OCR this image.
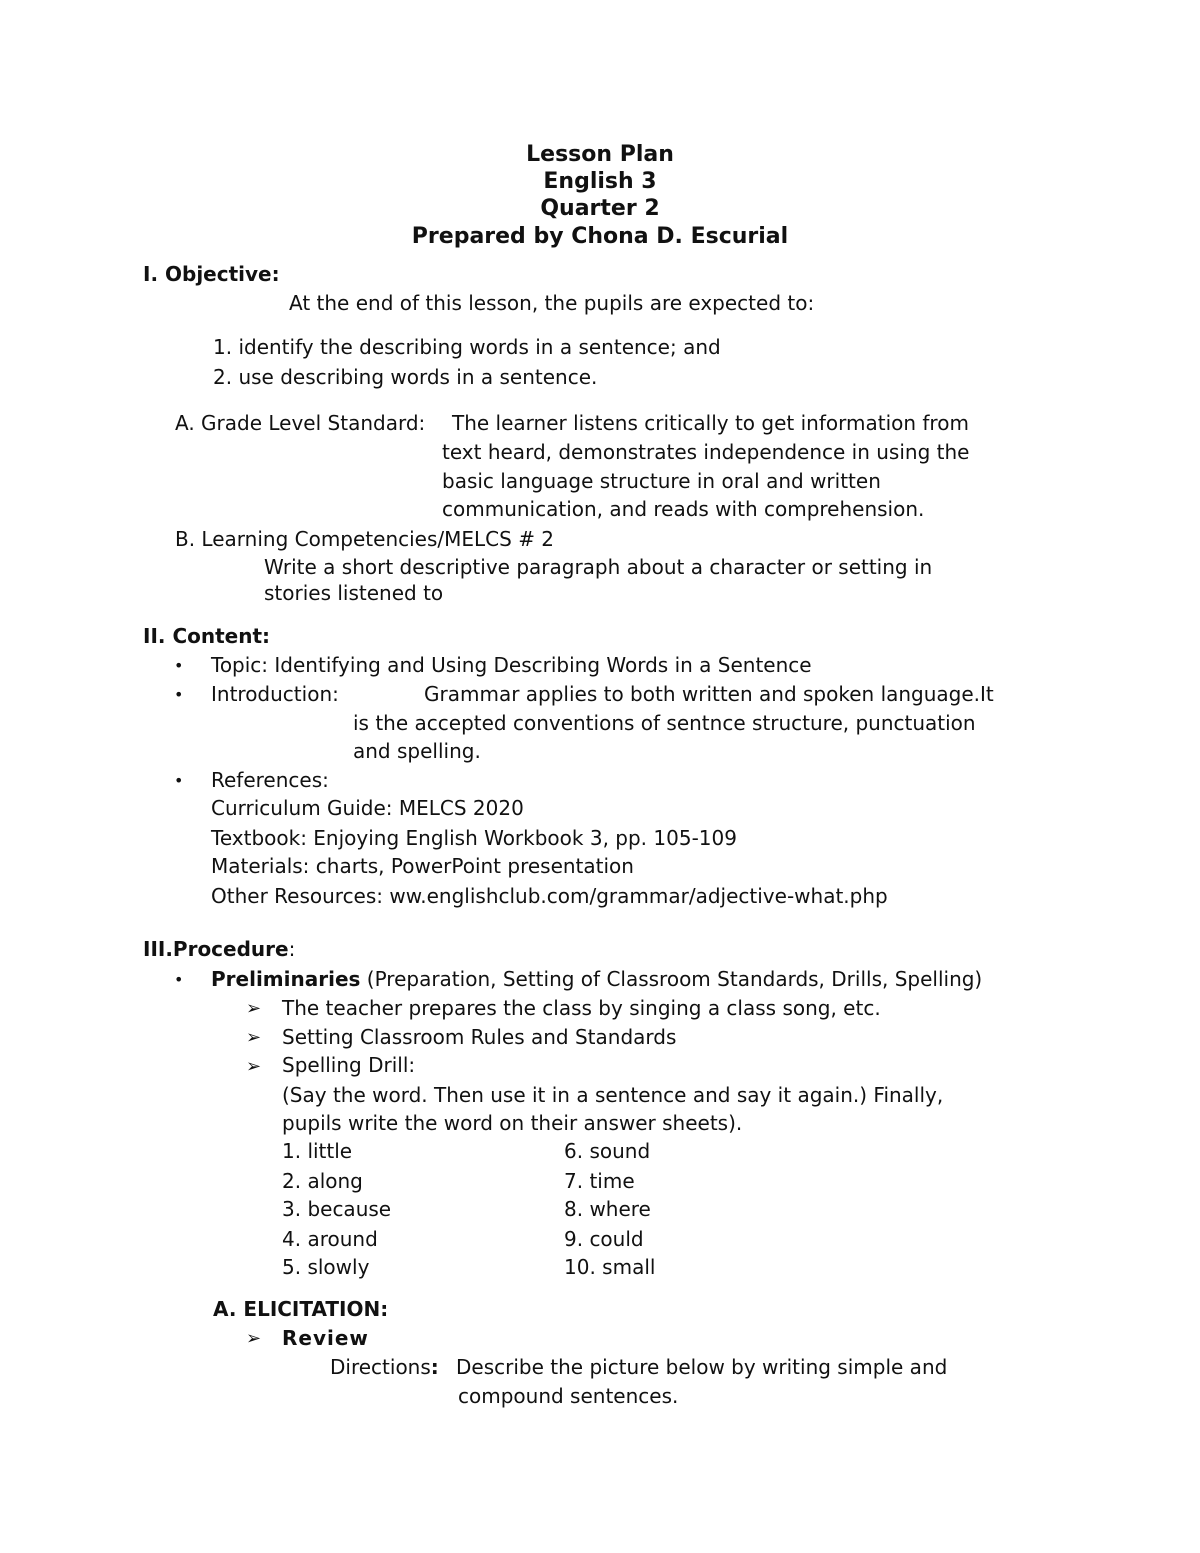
Lesson Plan
English 3
Quarter 2
Prepared by Chona D. Escurial
I. Objective:
At the end of this lesson, the pupils are expected to:
1. identify the describing words in a sentence; and
2. use describing words in a sentence.
A. Grade Level Standard: The learner listens critically to get information from
text heard, demonstrates independence in using the
basic language structure in oral and written
communication, and reads with comprehension.
B. Learning Competencies/MELCS # 2
Write a short descriptive paragraph about a character or setting in
stories listened to
II. Content:
• Topic: Identifying and Using Describing Words in a Sentence
• Introduction:	Grammar applies to both written and spoken language.It
is the accepted conventions of sentnce structure, punctuation
and spelling.
• References:
Curriculum Guide: MELCS 2020
Textbook: Enjoying English Workbook 3, pp. 105-109
Materials: charts, PowerPoint presentation
Other Resources: ww.englishclub.com/grammar/adjective-what.php
III.Procedure:
• Preliminaries (Preparation, Setting of Classroom Standards, Drills, Spelling)
➢ The teacher prepares the class by singing a class song, etc.
➢ Setting Classroom Rules and Standards
➢ Spelling Drill:
(Say the word. Then use it in a sentence and say it again.) Finally,
pupils write the word on their answer sheets).
1. little
2. along
3. because
4. around
5. slowly
6. sound
7. time
8. where
9. could
10. small
A. ELICITATION:
➢ Review
Directions: Describe the picture below by writing simple and
compound sentences.
